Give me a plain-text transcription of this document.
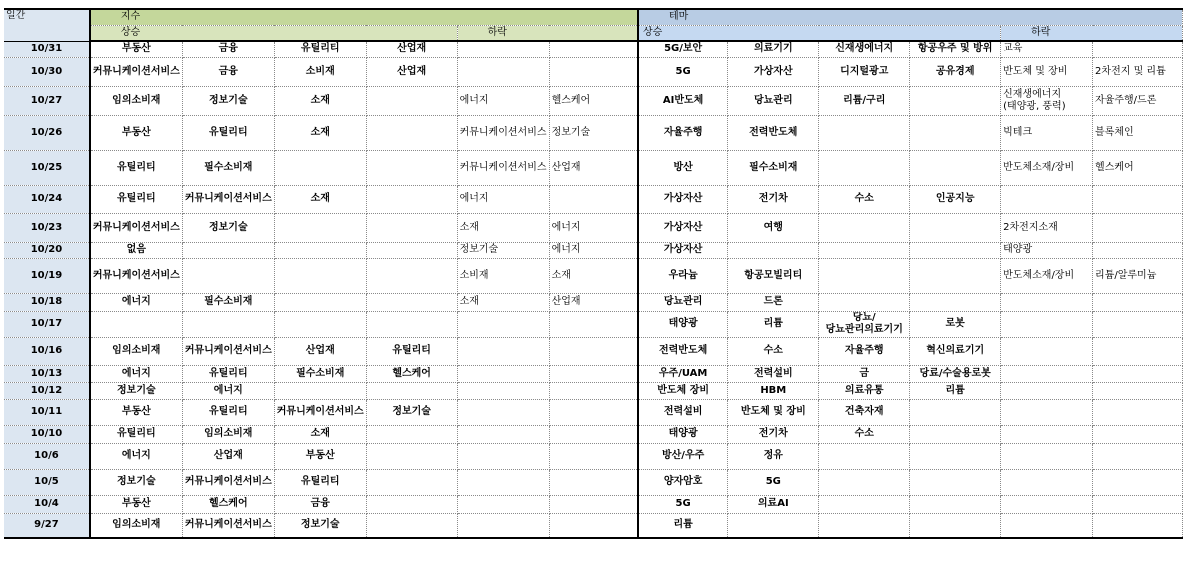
일간	지수						테마					
	상승				하락		상승				하락	
10/31	부동산	금융	유틸리티	산업재			5G/보안	의료기기	신재생에너지	항공우주 및 방위	교육	
10/30	커뮤니케이션서비스	금융	소비재	산업재			5G	가상자산	디지털광고	공유경제	반도체 및 장비	2차전지 및 리튬
10/27	임의소비재	정보기술	소재		에너지	헬스케어	AI반도체	당뇨관리	리튬/구리		신재생에너지(태양광, 풍력)	자율주행/드론
10/26	부동산	유틸리티	소재		커뮤니케이션서비스	정보기술	자율주행	전력반도체			빅테크	블록체인
10/25	유틸리티	필수소비재			커뮤니케이션서비스	산업재	방산	필수소비재			반도체소재/장비	헬스케어
10/24	유틸리티	커뮤니케이션서비스	소재		에너지		가상자산	전기차	수소	인공지능		
10/23	커뮤니케이션서비스	정보기술			소재	에너지	가상자산	여행			2차전지소재	
10/20	없음				정보기술	에너지	가상자산				태양광	
10/19	커뮤니케이션서비스				소비재	소재	우라늄	항공모빌리티			반도체소재/장비	리튬/알루미늄
10/18	에너지	필수소비재			소재	산업재	당뇨관리	드론				
10/17							태양광	리튬	당뇨/당뇨관리의료기기	로봇		
10/16	임의소비재	커뮤니케이션서비스	산업재	유틸리티			전력반도체	수소	자율주행	혁신의료기기		
10/13	에너지	유틸리티	필수소비재	헬스케어			우주/UAM	전력설비	금	당료/수술용로봇		
10/12	정보기술	에너지					반도체 장비	HBM	의료유통	리튬		
10/11	부동산	유틸리티	커뮤니케이션서비스	정보기술			전력설비	반도체 및 장비	건축자재			
10/10	유틸리티	임의소비재	소재				태양광	전기차	수소			
10/6	에너지	산업재	부동산				방산/우주	정유				
10/5	정보기술	커뮤니케이션서비스	유틸리티				양자암호	5G				
10/4	부동산	헬스케어	금융				5G	의료AI				
9/27	임의소비재	커뮤니케이션서비스	정보기술				리튬					
